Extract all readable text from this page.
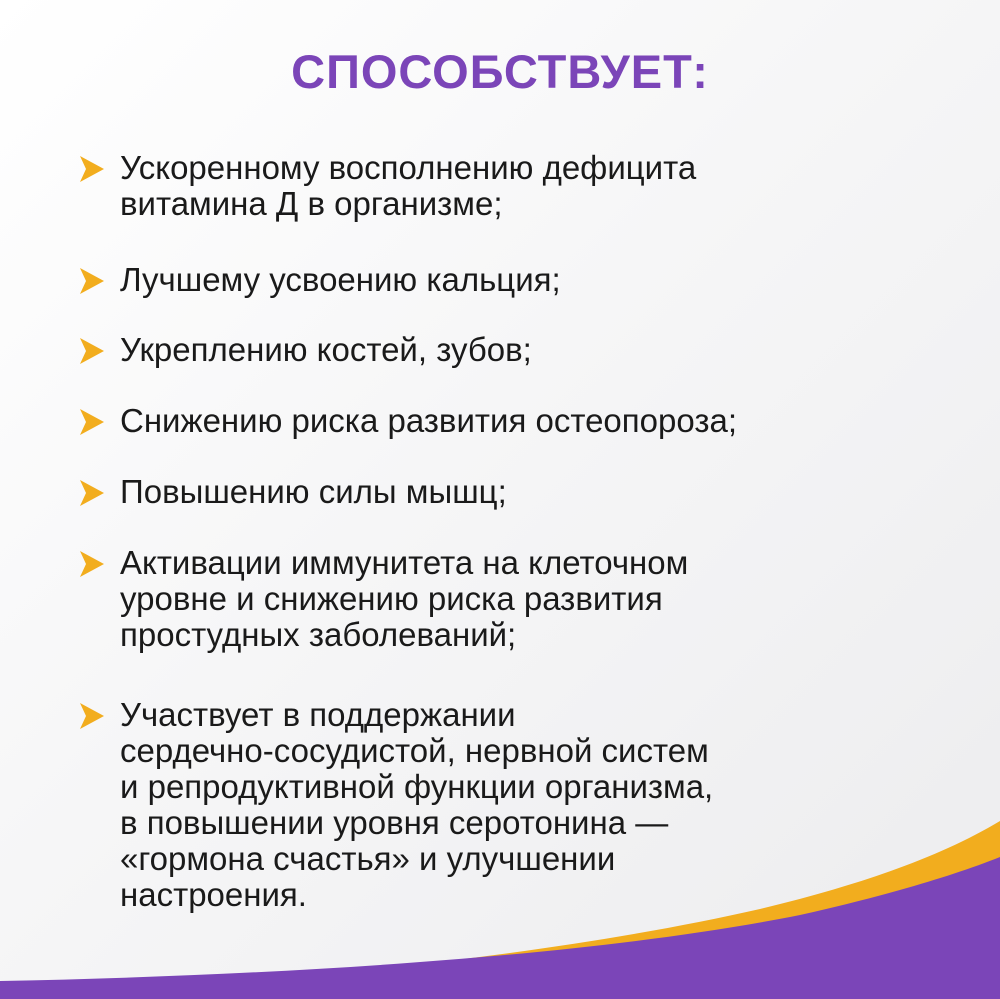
СПОСОБСТВУЕТ:
Ускоренному восполнению дефицита
витамина Д в организме;
Лучшему усвоению кальция;
Укреплению костей, зубов;
Снижению риска развития остеопороза;
Повышению силы мышц;
Активации иммунитета на клеточном
уровне и снижению риска развития
простудных заболеваний;
Участвует в поддержании
сердечно-сосудистой, нервной систем
и репродуктивной функции организма,
в повышении уровня серотонина —
«гормона счастья» и улучшении
настроения.
